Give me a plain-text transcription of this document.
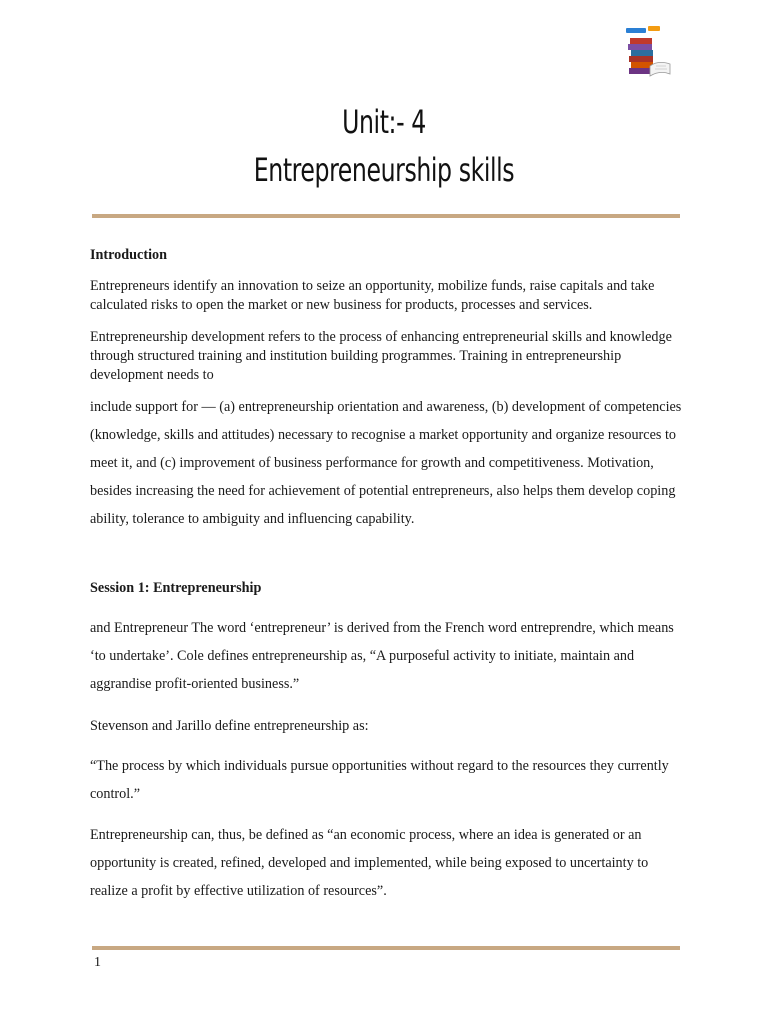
Unit:- 4
Entrepreneurship skills
Introduction
Entrepreneurs identify an innovation to seize an opportunity, mobilize funds, raise capitals and take calculated risks to open the market or new business for products, processes and services.
Entrepreneurship development refers to the process of enhancing entrepreneurial skills and knowledge through structured training and institution building programmes. Training in entrepreneurship development needs to
include support for — (a) entrepreneurship orientation and awareness, (b) development of competencies (knowledge, skills and attitudes) necessary to recognise a market opportunity and organize resources to meet it, and (c) improvement of business performance for growth and competitiveness. Motivation, besides increasing the need for achievement of potential entrepreneurs, also helps them develop coping ability, tolerance to ambiguity and influencing capability.
Session 1: Entrepreneurship
and Entrepreneur The word ‘entrepreneur’ is derived from the French word entreprendre, which means ‘to undertake’. Cole defines entrepreneurship as, “A purposeful activity to initiate, maintain and aggrandise profit-oriented business.”
Stevenson and Jarillo define entrepreneurship as:
“The process by which individuals pursue opportunities without regard to the resources they currently control.”
Entrepreneurship can, thus, be defined as “an economic process, where an idea is generated or an opportunity is created, refined, developed and implemented, while being exposed to uncertainty to realize a profit by effective utilization of resources”.
1
